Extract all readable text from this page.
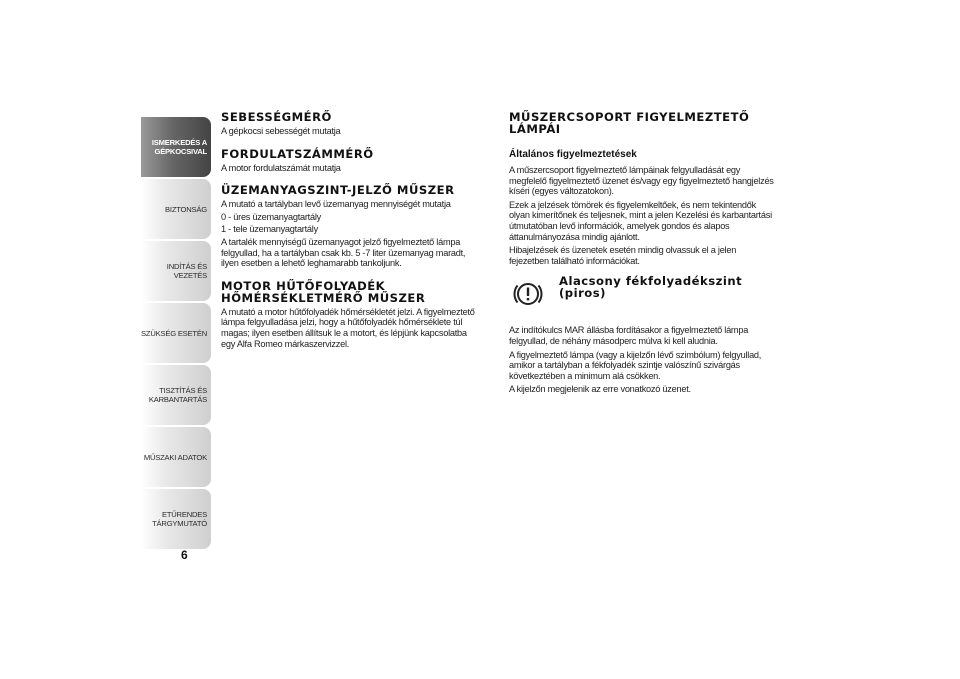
ISMERKEDÉS A
GÉPKOCSIVAL
BIZTONSÁG
INDÍTÁS ÉS VEZETÉS
SZÜKSÉG ESETÉN
TISZTÍTÁS ÉS
KARBANTARTÁS
MŰSZAKI ADATOK
ETŰRENDES
TÁRGYMUTATÓ
6
SEBESSÉGMÉRŐ

A gépkocsi sebességét mutatja

FORDULATSZÁMMÉRŐ

A motor fordulatszámát mutatja

ÜZEMANYAGSZINT-JELZŐ MŰSZER

A mutató a tartályban levő üzemanyag mennyiségét mutatja

0 - üres üzemanyagtartály

1 - tele üzemanyagtartály

A tartalék mennyiségű üzemanyagot jelző figyelmeztető lámpa felgyullad, ha a tartályban csak kb. 5 -7 liter üzemanyag maradt, ilyen esetben a lehető leghamarabb tankoljunk.

MOTOR HŰTŐFOLYADÉK
HŐMÉRSÉKLETMÉRŐ MŰSZER

A mutató a motor hűtőfolyadék hőmérsékletét jelzi. A figyelmeztető lámpa felgyulladása jelzi, hogy a hűtőfolyadék hőmérséklete túl magas; ilyen esetben állítsuk le a motort, és lépjünk kapcsolatba egy Alfa Romeo márkaszervizzel.

MŰSZERCSOPORT FIGYELMEZTETŐ
LÁMPÁI

Általános figyelmeztetések

A műszercsoport figyelmeztető lámpáinak felgyulladását egy megfelelő figyelmeztető üzenet és/vagy egy figyelmeztető hangjelzés kíséri (egyes változatokon).

Ezek a jelzések tömörek és figyelemkeltőek, és nem tekintendők olyan kimerítőnek és teljesnek, mint a jelen Kezelési és karbantartási útmutatóban levő információk, amelyek gondos és alapos áttanulmányozása mindig ajánlott.

Hibajelzések és üzenetek esetén mindig olvassuk el a jelen fejezetben található információkat.

Alacsony fékfolyadékszint
(piros)

Az indítókulcs MAR állásba fordításakor a figyelmeztető lámpa felgyullad, de néhány másodperc múlva ki kell aludnia.

A figyelmeztető lámpa (vagy a kijelzőn lévő szimbólum) felgyullad, amikor a tartályban a fékfolyadék szintje valószínű szivárgás következtében a minimum alá csökken.

A kijelzőn megjelenik az erre vonatkozó üzenet.
